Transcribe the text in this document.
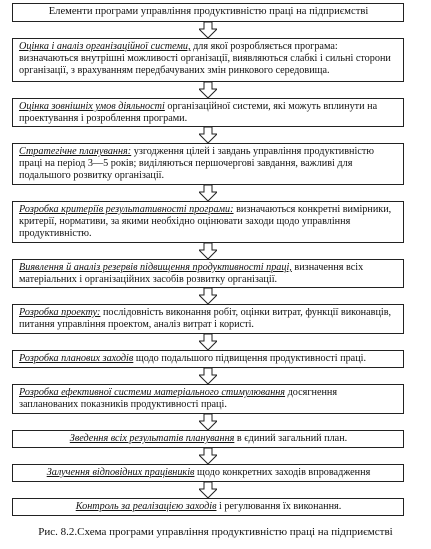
Елементи програми управління продуктивністю праці на підприємстві
Оцінка і аналіз організаційної системи, для якої розробляється програма: визначаються внутрішні можливості організації, виявляються слабкі і сильні сторони організації, з врахуванням передбачуваних змін ринкового середовища.
Оцінка зовнішніх умов діяльності організаційної системи, які можуть вплинути на проектування і розроблення програми.
Стратегічне планування: узгодження цілей і завдань управління продуктивністю праці на період 3—5 років; виділяються першочергові завдання, важливі для подальшого розвитку організації.
Розробка критеріїв результативності програми: визначаються конкретні вимірники, критерії, нормативи, за якими необхідно оцінювати заходи щодо управління продуктивністю.
Виявлення й аналіз резервів підвищення продуктивності праці, визначення всіх матеріальних і організаційних засобів розвитку організації.
Розробка проекту: послідовність виконання робіт, оцінки витрат, функції виконавців, питання управління проектом, аналіз витрат і користі.
Розробка планових заходів щодо подальшого підвищення продуктивності праці.
Розробка ефективної системи матеріального стимулювання досягнення запланованих показників продуктивності праці.
Зведення всіх результатів планування в єдиний загальний план.
Залучення відповідних працівників щодо конкретних заходів впровадження
Контроль за реалізацією заходів і регулювання їх виконання.
Рис. 8.2.Схема програми управління продуктивністю праці на підприємстві
